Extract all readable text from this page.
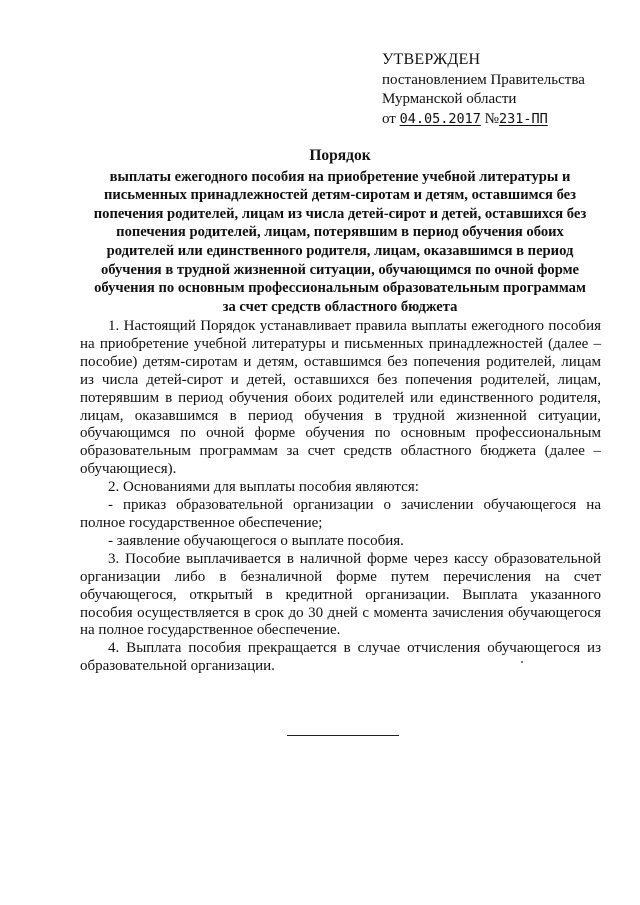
УТВЕРЖДЕН
постановлением Правительства
Мурманской области
от 04.05.2017 №231-ПП
Порядок
выплаты ежегодного пособия на приобретение учебной литературы и
письменных принадлежностей детям-сиротам и детям, оставшимся без
попечения родителей, лицам из числа детей-сирот и детей, оставшихся без
попечения родителей, лицам, потерявшим в период обучения обоих
родителей или единственного родителя, лицам, оказавшимся в период
обучения в трудной жизненной ситуации, обучающимся по очной форме
обучения по основным профессиональным образовательным программам
за счет средств областного бюджета

1. Настоящий Порядок устанавливает правила выплаты ежегодного пособия на приобретение учебной литературы и письменных принадлежностей (далее – пособие) детям-сиротам и детям, оставшимся без попечения родителей, лицам из числа детей-сирот и детей, оставшихся без попечения родителей, лицам, потерявшим в период обучения обоих родителей или единственного родителя, лицам, оказавшимся в период обучения в трудной жизненной ситуации, обучающимся по очной форме обучения по основным профессиональным образовательным программам за счет средств областного бюджета (далее – обучающиеся).

2. Основаниями для выплаты пособия являются:

- приказ образовательной организации о зачислении обучающегося на полное государственное обеспечение;

- заявление обучающегося о выплате пособия.

3. Пособие выплачивается в наличной форме через кассу образовательной организации либо в безналичной форме путем перечисления на счет обучающегося, открытый в кредитной организации. Выплата указанного пособия осуществляется в срок до 30 дней с момента зачисления обучающегося на полное государственное обеспечение.

4. Выплата пособия прекращается в случае отчисления обучающегося из образовательной организации.
